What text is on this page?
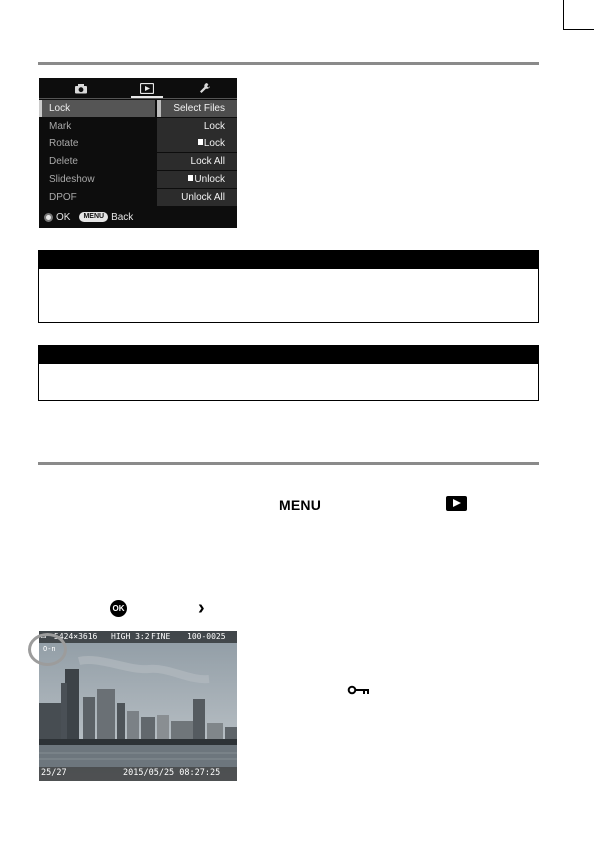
Lock
Mark
Rotate
Delete
Slideshow
DPOF
Select Files
Lock
Lock
Lock All
Unlock
Unlock All
OK	MENU Back
MENU
OK	›
▭ 5424×3616 HIGH 3:2 FINE 100-0025
O-n
25/27	2015/05/25 08:27:25
